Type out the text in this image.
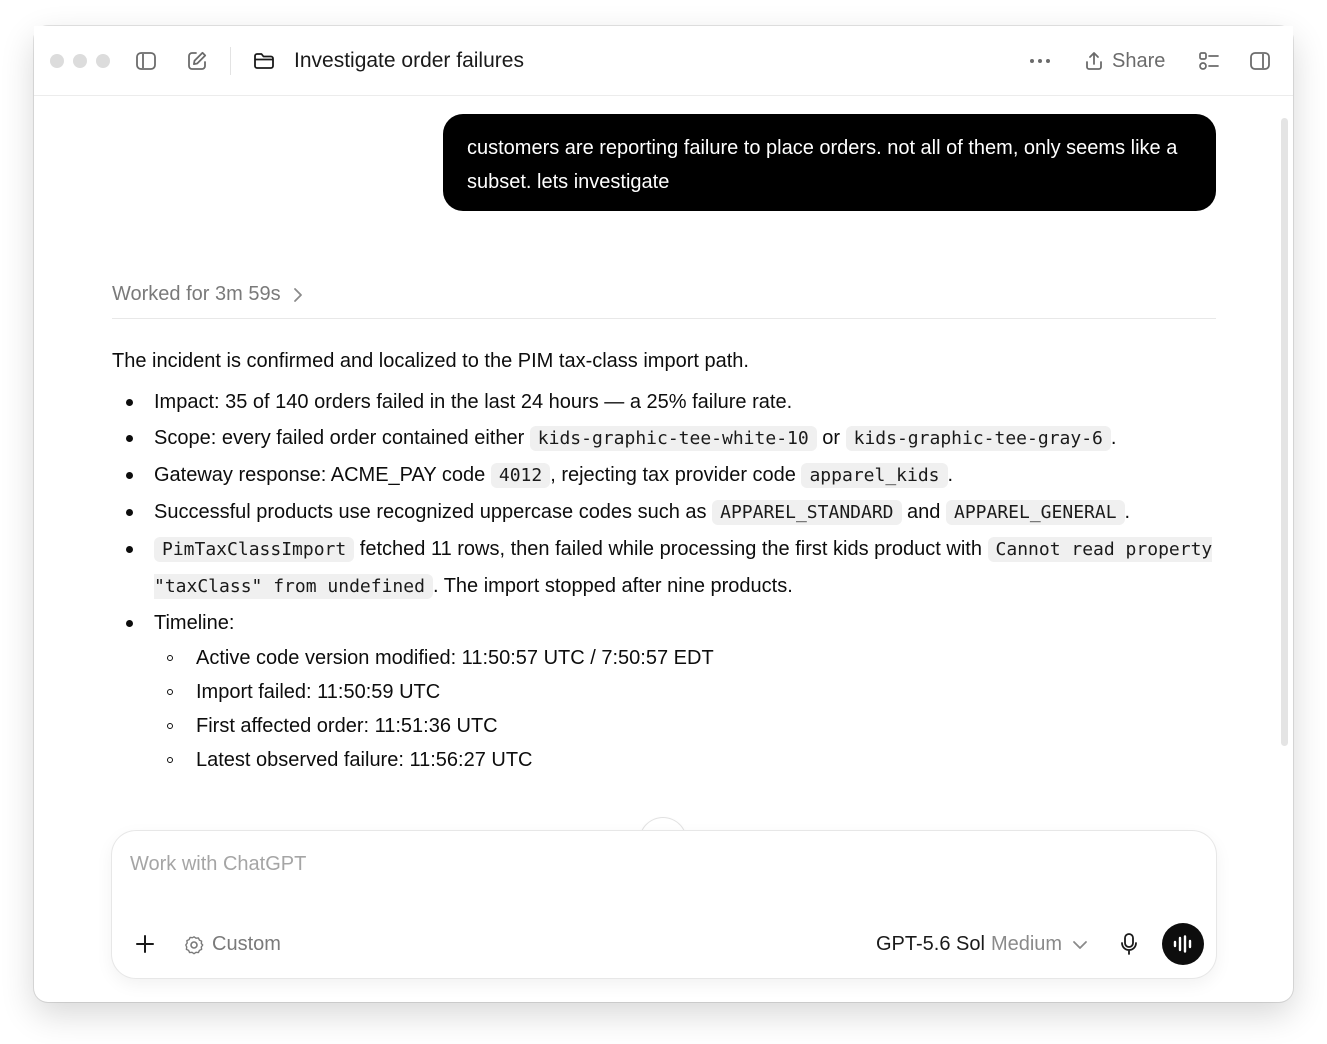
Investigate order failures	Share
customers are reporting failure to place orders. not all of them, only seems like a subset. lets investigate
Worked for 3m 59s
The incident is confirmed and localized to the PIM tax-class import path.
Impact: 35 of 140 orders failed in the last 24 hours — a 25% failure rate.
Scope: every failed order contained either kids-graphic-tee-white-10 or kids-graphic-tee-gray-6 .
Gateway response: ACME_PAY code 4012 , rejecting tax provider code apparel_kids .
Successful products use recognized uppercase codes such as APPAREL_STANDARD and APPAREL_GENERAL .
PimTaxClassImport fetched 11 rows, then failed while processing the first kids product with Cannot read property "taxClass" from undefined . The import stopped after nine products.
Timeline:
Active code version modified: 11:50:57 UTC / 7:50:57 EDT
Import failed: 11:50:59 UTC
First affected order: 11:51:36 UTC
Latest observed failure: 11:56:27 UTC
Work with ChatGPT
Custom	GPT-5.6 Sol Medium
